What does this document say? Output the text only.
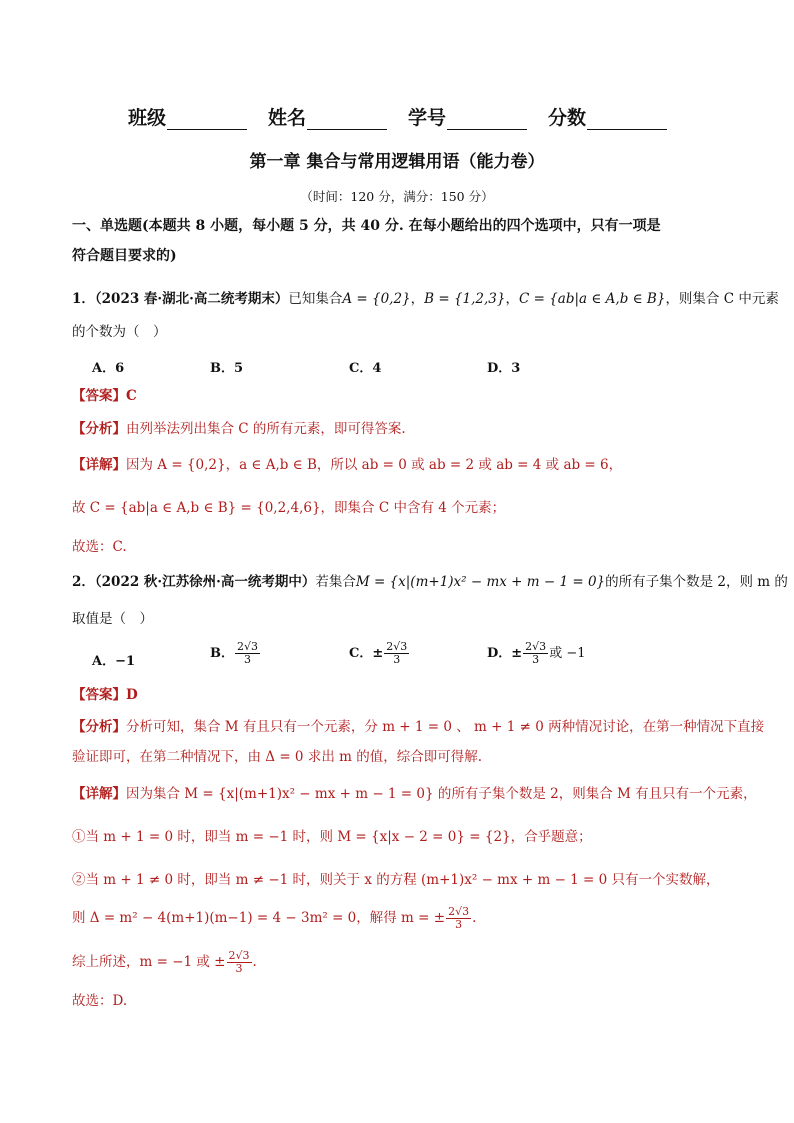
班级	姓名	学号	分数
第一章 集合与常用逻辑用语（能力卷）
（时间：120 分，满分：150 分）
一、单选题(本题共 8 小题，每小题 5 分，共 40 分. 在每小题给出的四个选项中，只有一项是
符合题目要求的)
1．（2023 春·湖北·高二统考期末）已知集合A = {0,2}，B = {1,2,3}，C = {ab|a ∈ A,b ∈ B}，则集合 C 中元素
的个数为（　）
A．6	B．5	C．4	D．3
【答案】C
【分析】由列举法列出集合 C 的所有元素，即可得答案.
【详解】因为 A = {0,2}，a ∈ A,b ∈ B，所以 ab = 0 或 ab = 2 或 ab = 4 或 ab = 6，
故 C = {ab|a ∈ A,b ∈ B} = {0,2,4,6}，即集合 C 中含有 4 个元素；
故选：C.
2．（2022 秋·江苏徐州·高一统考期中）若集合M = {x|(m+1)x² − mx + m − 1 = 0}的所有子集个数是 2，则 m 的
取值是（　）
A．−1
B． $\frac{2√3}{3}$	C．± $\frac{2√3}{3}$	D．± $\frac{2√3}{3}$ 或 −1
【答案】D
【分析】分析可知，集合 M 有且只有一个元素，分 m + 1 = 0 、 m + 1 ≠ 0 两种情况讨论，在第一种情况下直接
验证即可，在第二种情况下，由 Δ = 0 求出 m 的值，综合即可得解.
【详解】因为集合 M = {x|(m+1)x² − mx + m − 1 = 0} 的所有子集个数是 2，则集合 M 有且只有一个元素，
①当 m + 1 = 0 时，即当 m = −1 时，则 M = {x|x − 2 = 0} = {2}，合乎题意；
②当 m + 1 ≠ 0 时，即当 m ≠ −1 时，则关于 x 的方程 (m+1)x² − mx + m − 1 = 0 只有一个实数解，
则 Δ = m² − 4(m+1)(m−1) = 4 − 3m² = 0，解得 m = ± $\frac{2√3}{3}$ .
综上所述，m = −1 或 ± $\frac{2√3}{3}$ .
故选：D.
